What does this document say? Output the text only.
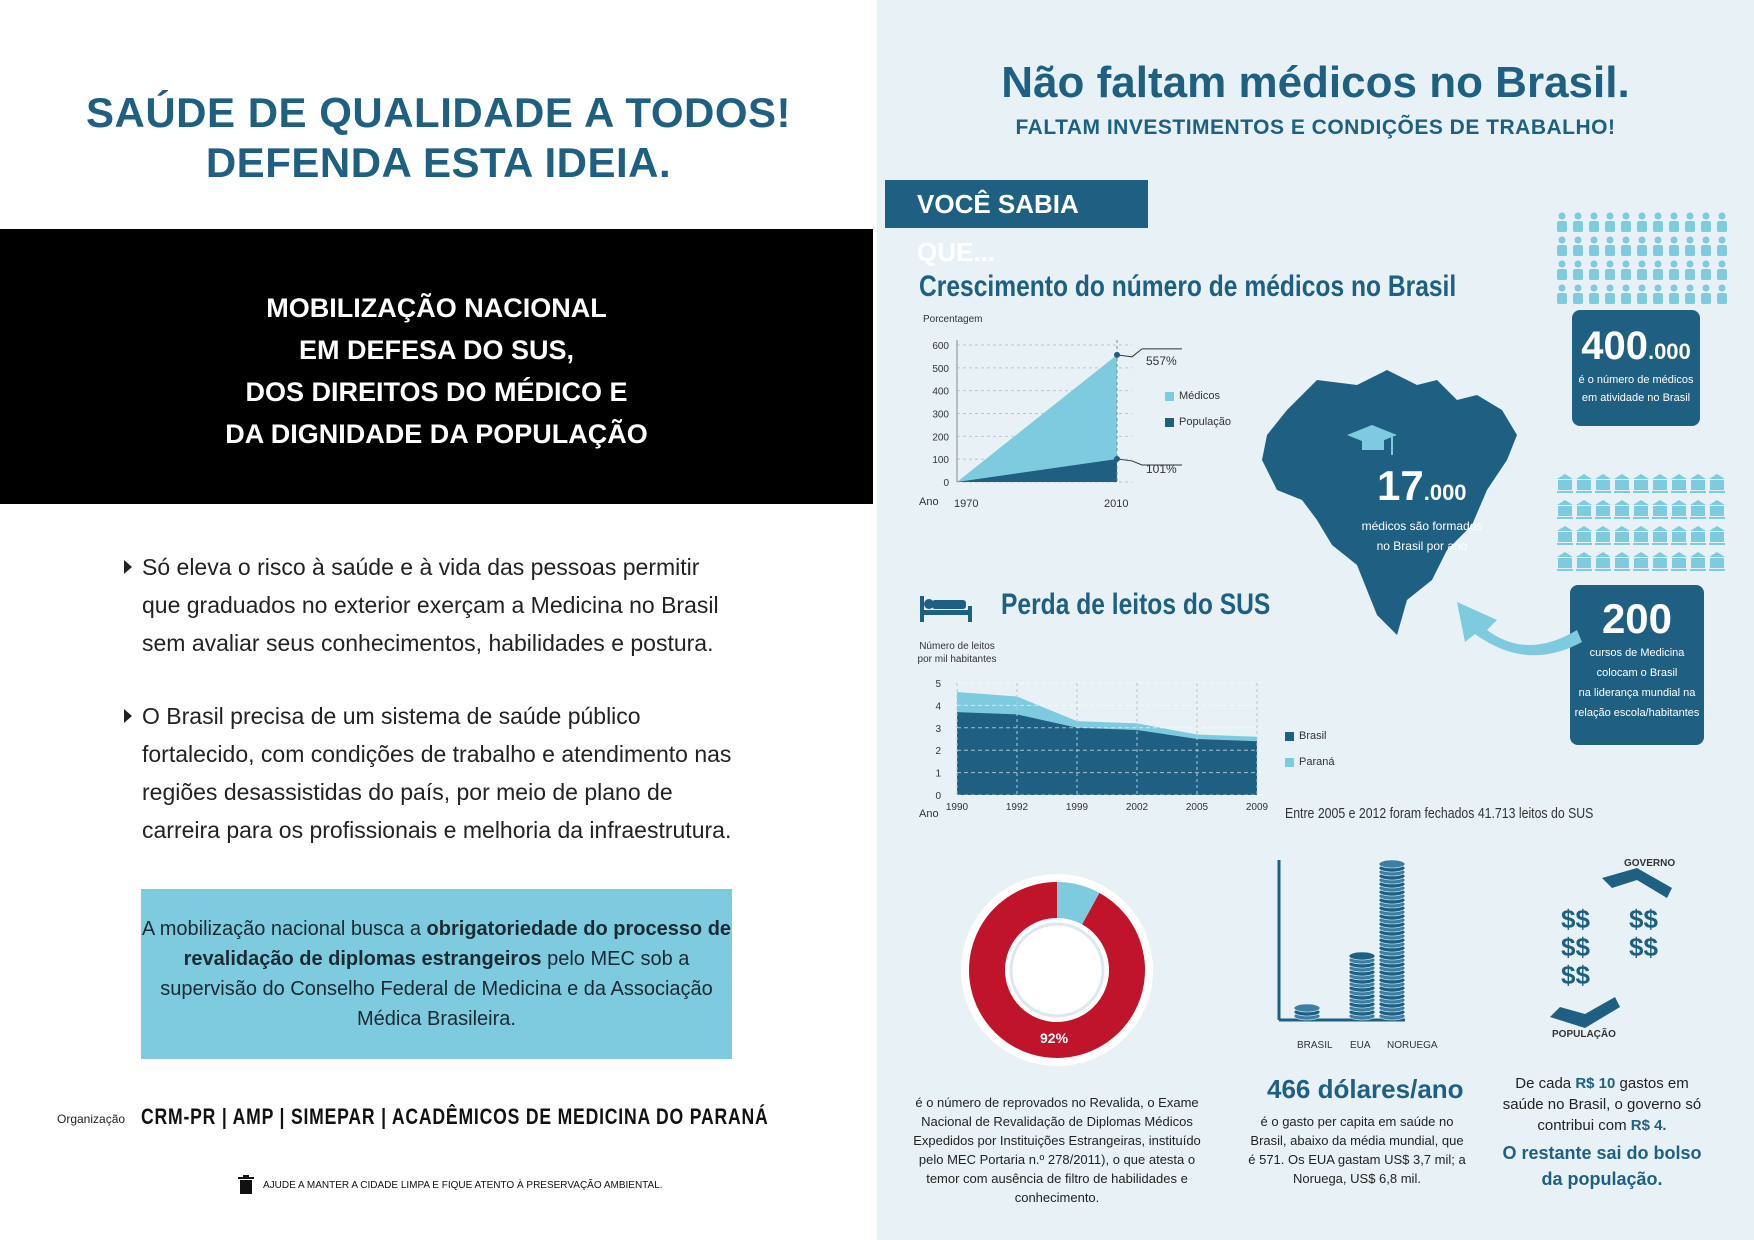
SAÚDE DE QUALIDADE A TODOS!
DEFENDA ESTA IDEIA.
MOBILIZAÇÃO NACIONAL
EM DEFESA DO SUS,
DOS DIREITOS DO MÉDICO E
DA DIGNIDADE DA POPULAÇÃO

Só eleva o risco à saúde e à vida das pessoas permitir que graduados no exterior exerçam a Medicina no Brasil sem avaliar seus conhecimentos, habilidades e postura.

O Brasil precisa de um sistema de saúde público fortalecido, com condições de trabalho e atendimento nas regiões desassistidas do país, por meio de plano de carreira para os profissionais e melhoria da infraestrutura.

A mobilização nacional busca a obrigatoriedade do processo de revalidação de diplomas estrangeiros pelo MEC sob a supervisão do Conselho Federal de Medicina e da Associação Médica Brasileira.
Organização CRM-PR | AMP | SIMEPAR | ACADÊMICOS DE MEDICINA DO PARANÁ
AJUDE A MANTER A CIDADE LIMPA E FIQUE ATENTO À PRESERVAÇÃO AMBIENTAL.
Não faltam médicos no Brasil.
FALTAM INVESTIMENTOS E CONDIÇÕES DE TRABALHO!
VOCÊ SABIA QUE...
Crescimento do número de médicos no Brasil
Porcentagem
0
100
200
300
400
500
600
Ano 1970	2010
557%
101%
Médicos
População
17.000
médicos são formados
no Brasil por ano
400.000
é o número de médicos
em atividade no Brasil
200
cursos de Medicina
colocam o Brasil
na liderança mundial na
relação escola/habitantes
Perda de leitos do SUS
Número de leitos por mil habitantes
0
1
2
3
4
5
1990	1992	1999	2002	2005	2009
Ano
Brasil
Paraná
Entre 2005 e 2012 foram fechados 41.713 leitos do SUS
92%
é o número de reprovados no Revalida, o Exame Nacional de Revalidação de Diplomas Médicos Expedidos por Instituições Estrangeiras, instituído pelo MEC Portaria n.º 278/2011), o que atesta o temor com ausência de filtro de habilidades e conhecimento.
BRASIL EUA NORUEGA
466 dólares/ano
é o gasto per capita em saúde no Brasil, abaixo da média mundial, que é 571. Os EUA gastam US$ 3,7 mil; a Noruega, US$ 6,8 mil.
GOVERNO
$$
$$
$$
$$
$$
POPULAÇÃO
De cada R$ 10 gastos em saúde no Brasil, o governo só contribui com R$ 4.
O restante sai do bolso da população.
